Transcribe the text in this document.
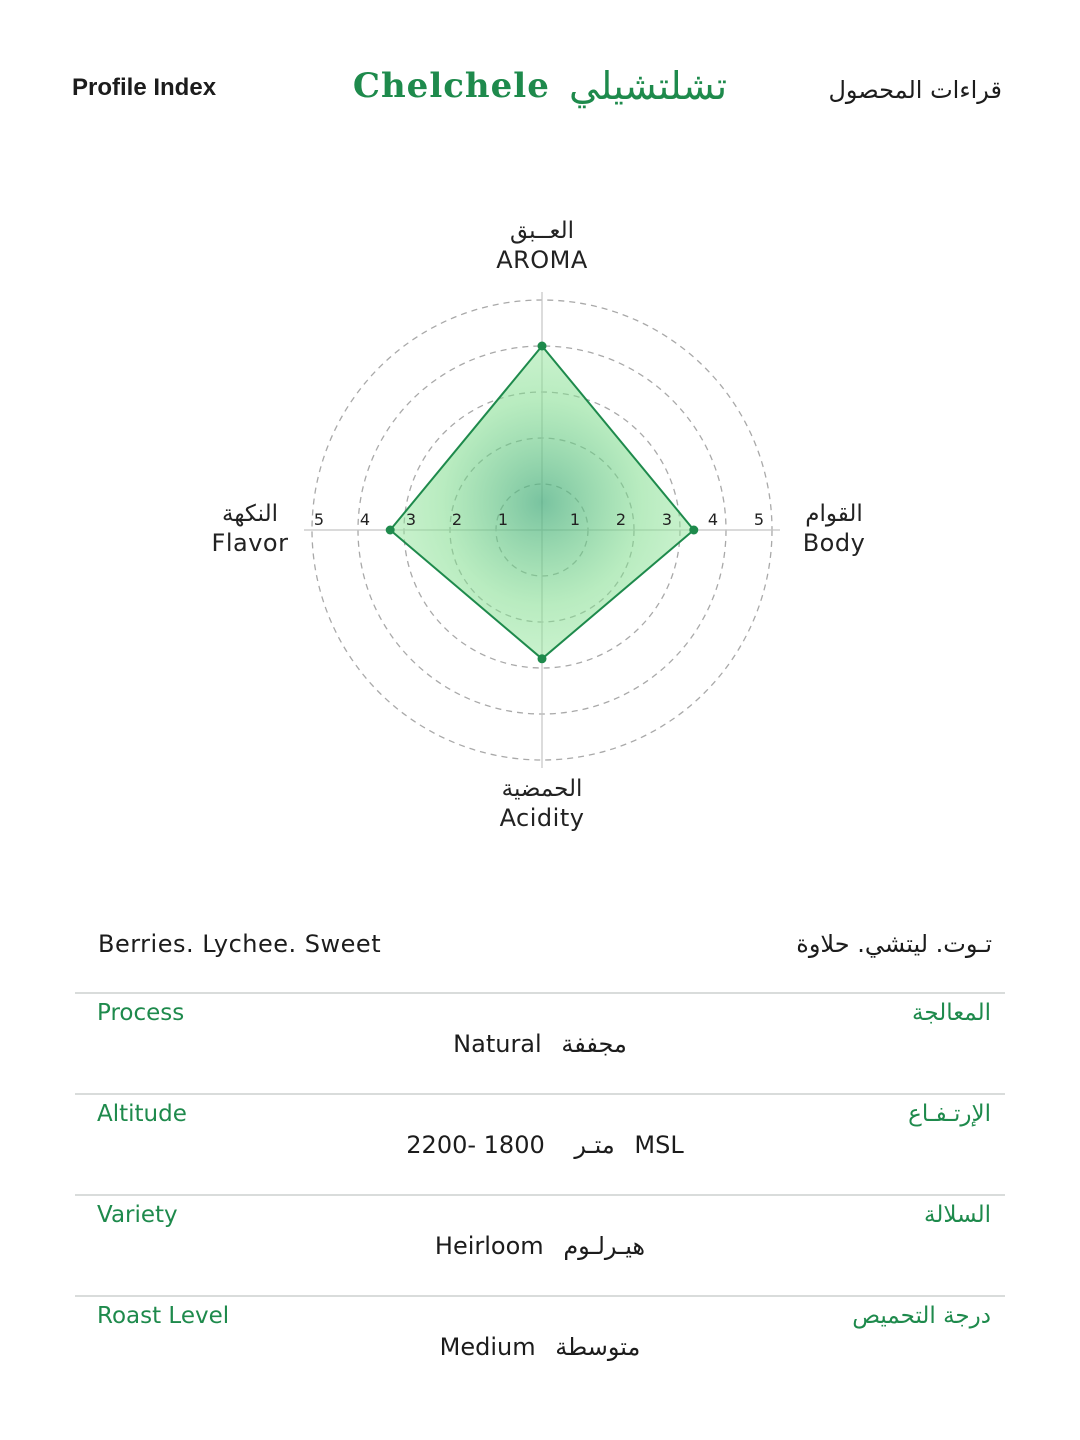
Profile Index	Chelchele تشلتشيلي	قراءات المحصول
1
1	2
2	3
3	4
4	5
5
العــبق
AROMA
القوام
Body
الحمضية
Acidity
النكهة
Flavor
Berries. Lychee. Sweet	تـوت. ليتشي. حلاوة
Process	المعالجة
Natural مجففة
Altitude	الإرتـفـاع
متـر 1800 -2200	MSL
Variety	السلالة
Heirloom هيـرلـوم
Roast Level	درجة التحميص
Medium متوسطة
